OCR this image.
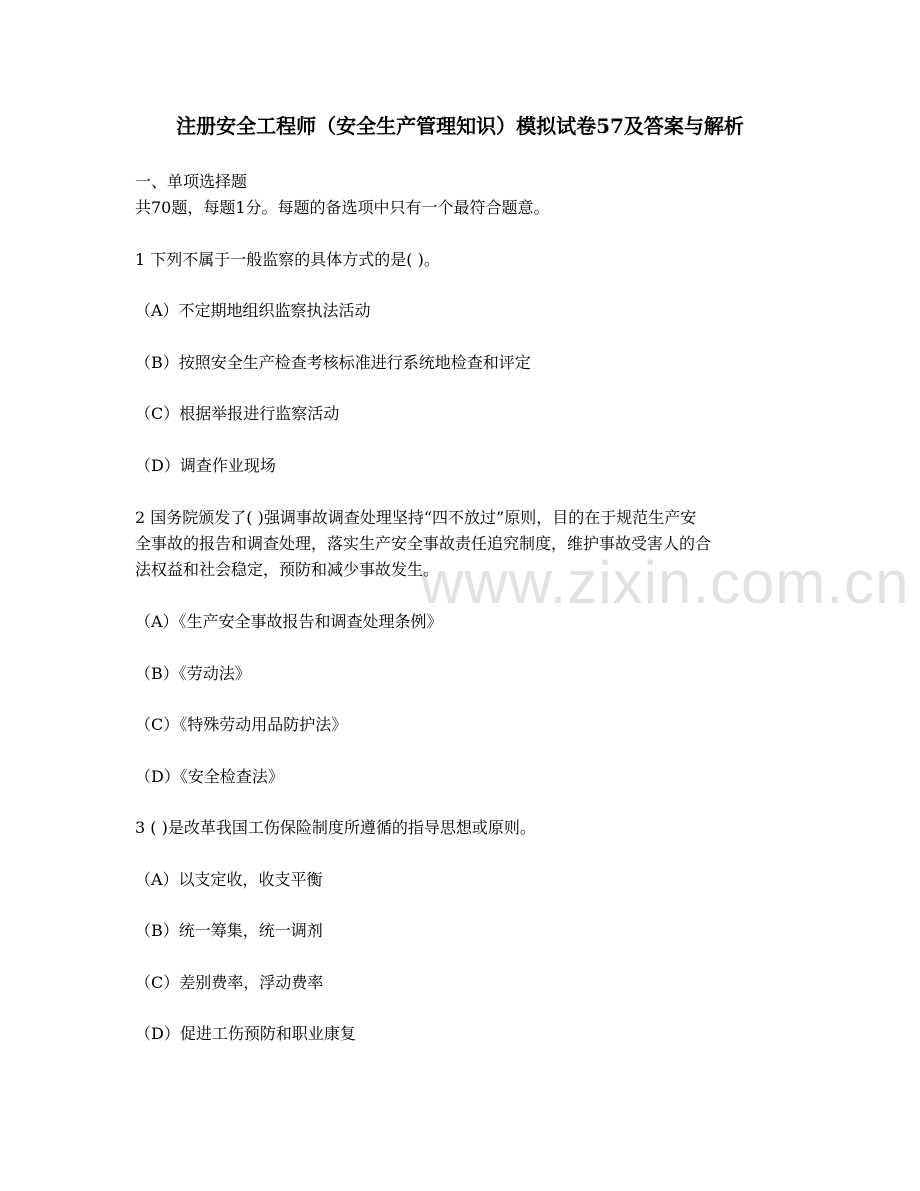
www.zixin.com.cn
注册安全工程师（安全生产管理知识）模拟试卷57及答案与解析
一、单项选择题
共70题，每题1分。每题的备选项中只有一个最符合题意。
1 下列不属于一般监察的具体方式的是( )。
（A）不定期地组织监察执法活动
（B）按照安全生产检查考核标准进行系统地检查和评定
（C）根据举报进行监察活动
（D）调查作业现场
2 国务院颁发了( )强调事故调查处理坚持“四不放过”原则，目的在于规范生产安
全事故的报告和调查处理，落实生产安全事故责任追究制度，维护事故受害人的合
法权益和社会稳定，预防和减少事故发生。
（A）《生产安全事故报告和调查处理条例》
（B）《劳动法》
（C）《特殊劳动用品防护法》
（D）《安全检查法》
3 ( )是改革我国工伤保险制度所遵循的指导思想或原则。
（A）以支定收，收支平衡
（B）统一筹集，统一调剂
（C）差别费率，浮动费率
（D）促进工伤预防和职业康复
